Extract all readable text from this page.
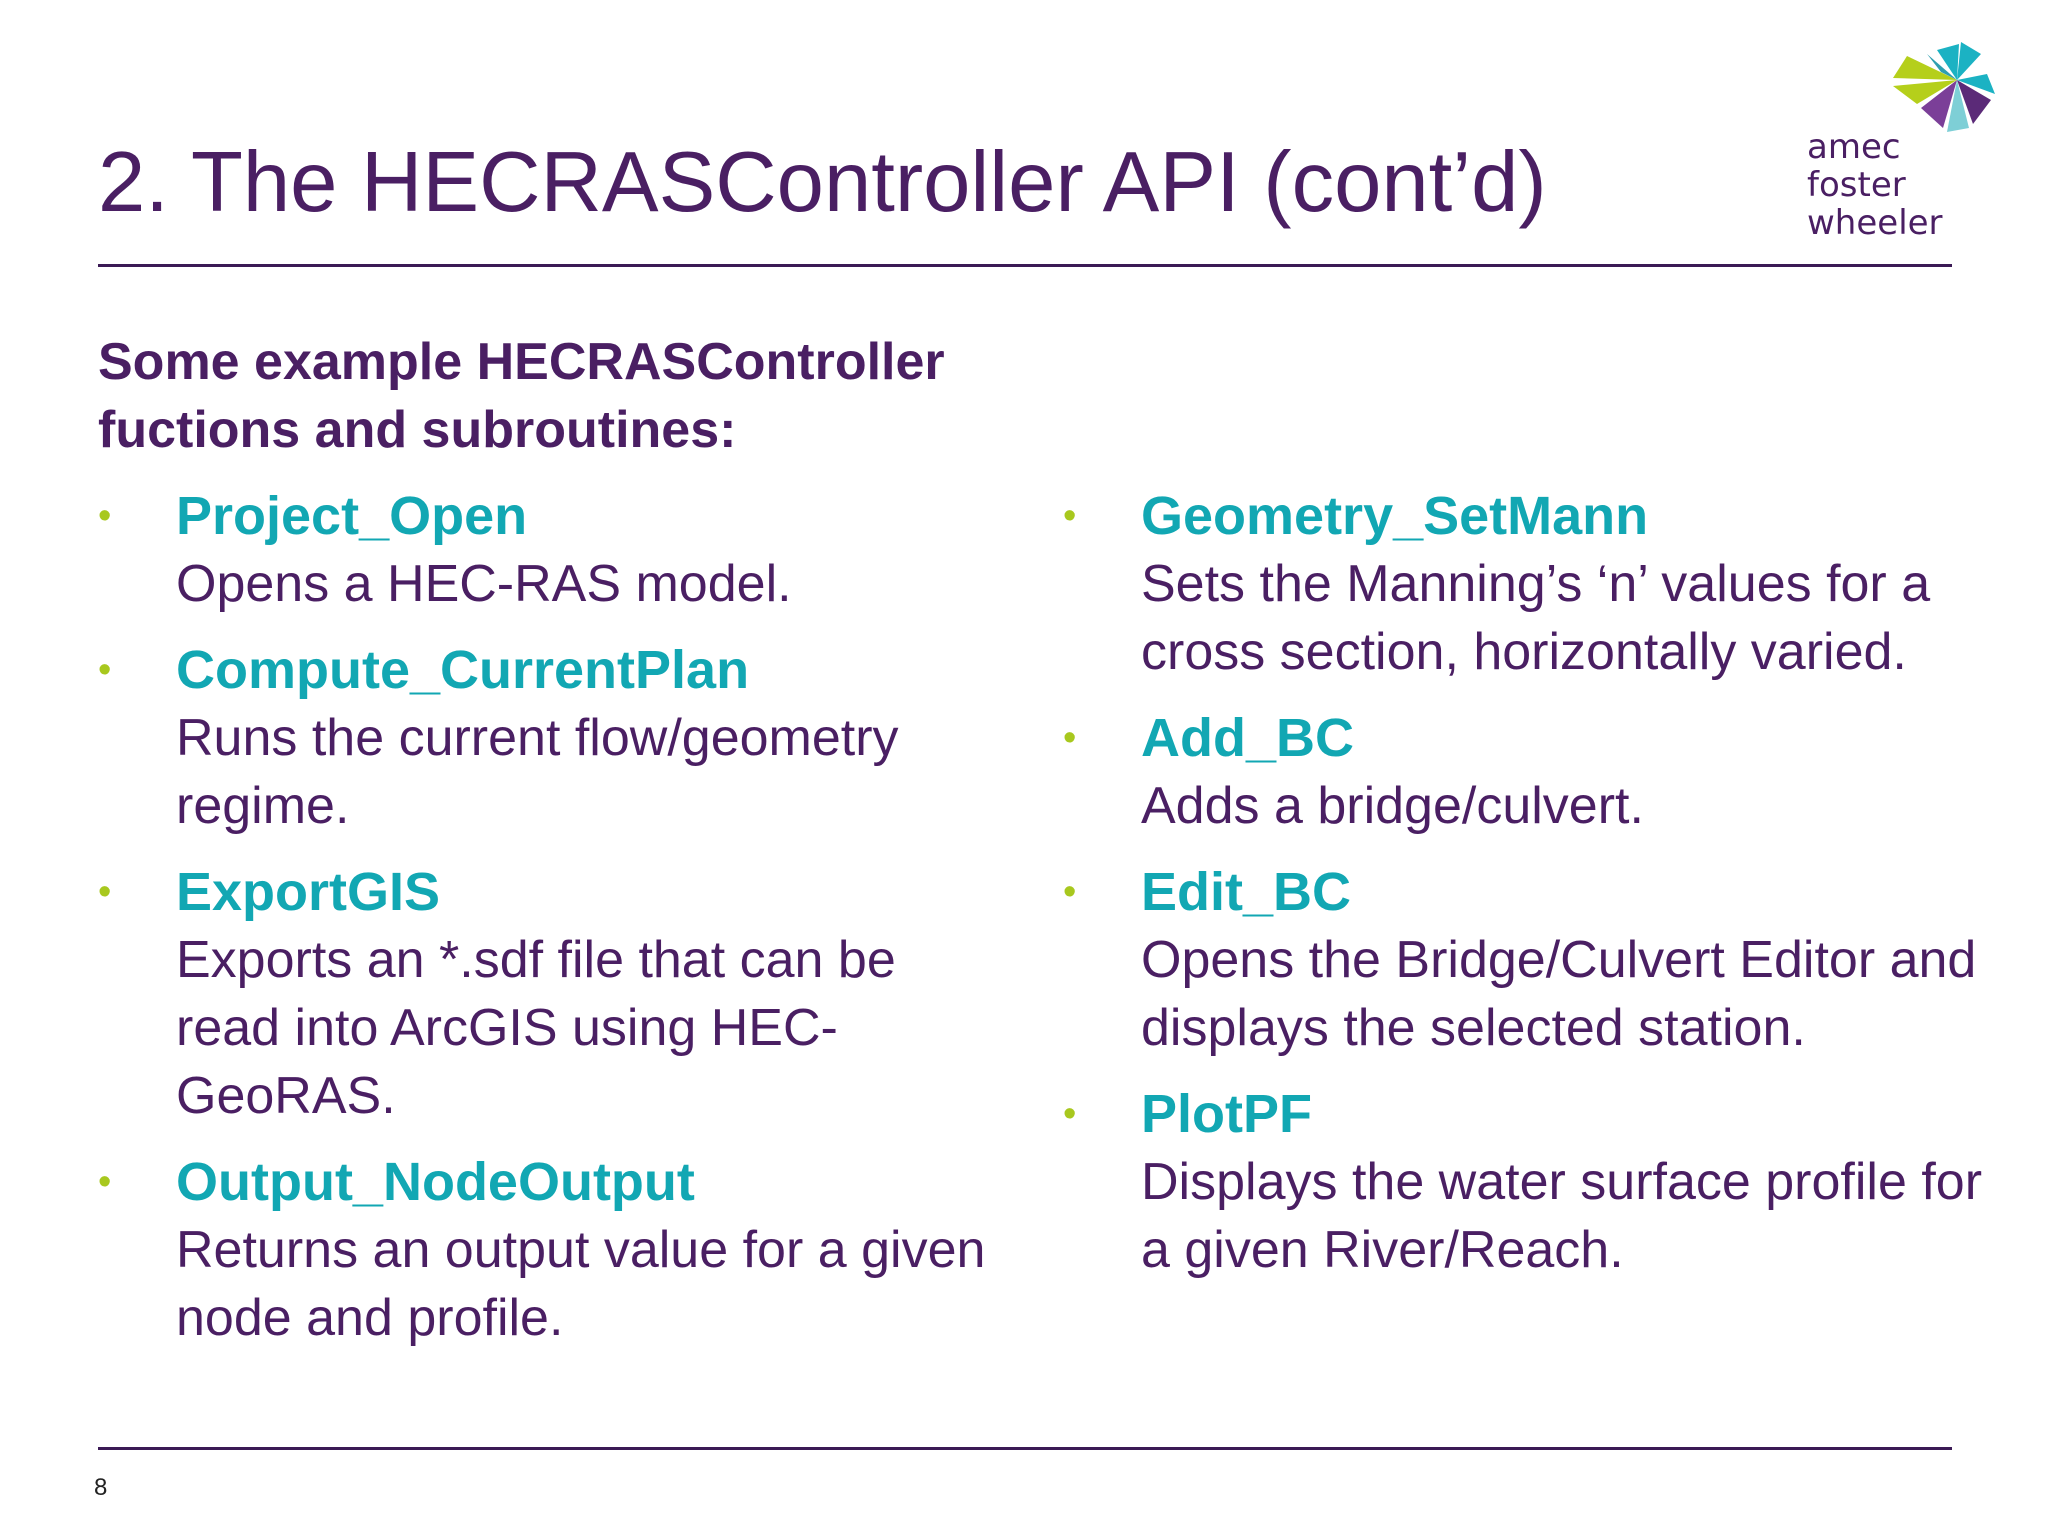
2. The HECRASController API (cont’d)	amec
foster
wheeler

Some example HECRASController
fuctions and subroutines:

• Project_Open
Opens a HEC-RAS model.
• Compute_CurrentPlan
Runs the current flow/geometry regime.
• ExportGIS
Exports an *.sdf file that can be read into ArcGIS using HEC-GeoRAS.
• Output_NodeOutput
Returns an output value for a given node and profile.
• Geometry_SetMann
Sets the Manning’s ‘n’ values for a cross section, horizontally varied.
• Add_BC
Adds a bridge/culvert.
• Edit_BC
Opens the Bridge/Culvert Editor and displays the selected station.
• PlotPF
Displays the water surface profile for a given River/Reach.
8
